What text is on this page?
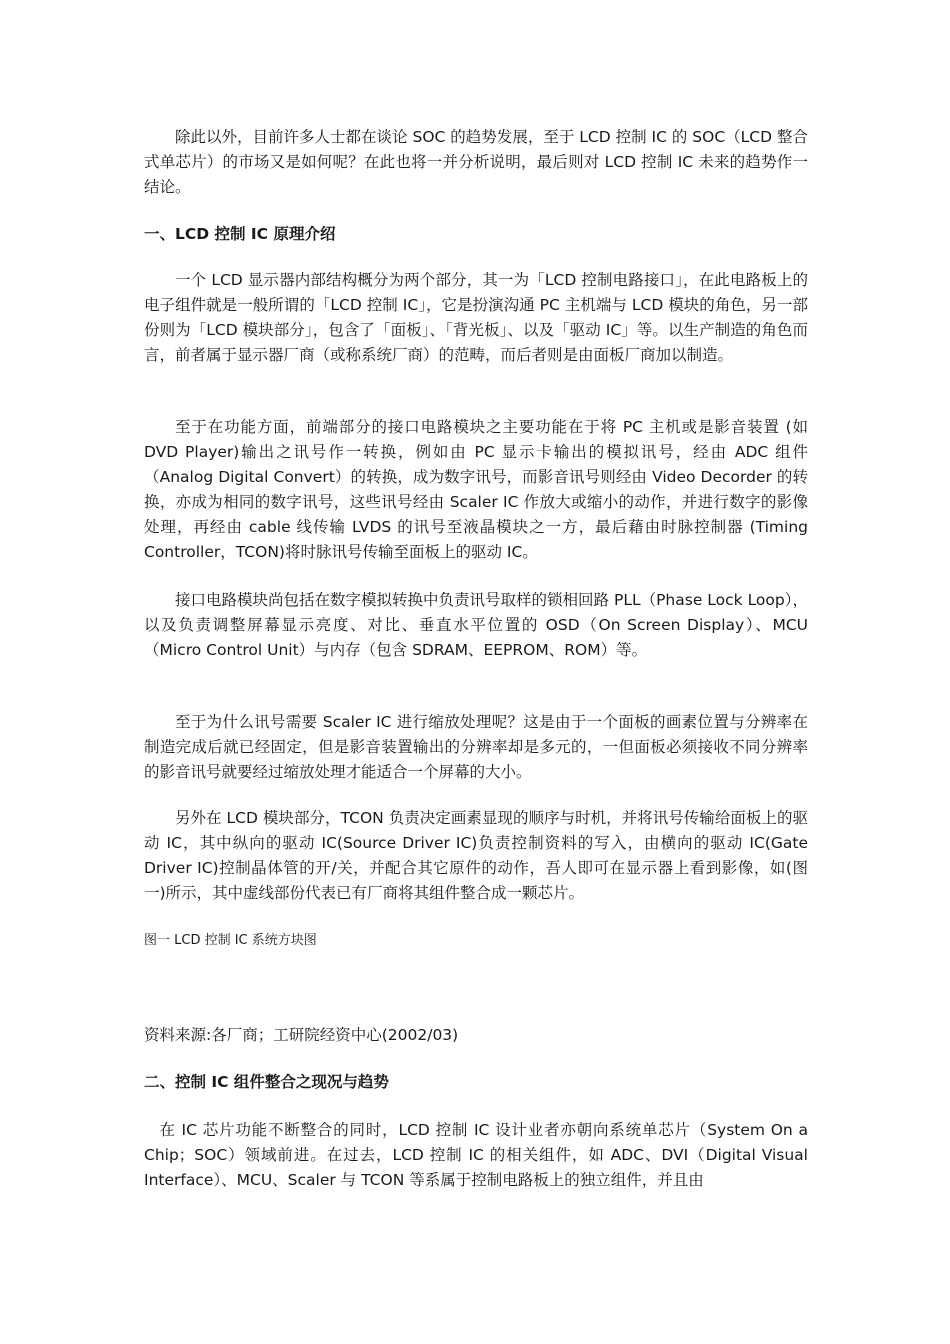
除此以外，目前许多人士都在谈论 SOC 的趋势发展，至于 LCD 控制 IC 的 SOC（LCD 整合式单芯片）的市场又是如何呢？在此也将一并分析说明，最后则对 LCD 控制 IC 未来的趋势作一结论。

一、LCD 控制 IC 原理介绍

一个 LCD 显示器内部结构概分为两个部分，其一为「LCD 控制电路接口」，在此电路板上的电子组件就是一般所谓的「LCD 控制 IC」，它是扮演沟通 PC 主机端与 LCD 模块的角色，另一部份则为「LCD 模块部分」，包含了「面板」、「背光板」、以及「驱动 IC」等。以生产制造的角色而言，前者属于显示器厂商（或称系统厂商）的范畴，而后者则是由面板厂商加以制造。

至于在功能方面，前端部分的接口电路模块之主要功能在于将 PC 主机或是影音装置 (如 DVD Player)输出之讯号作一转换，例如由 PC 显示卡输出的模拟讯号，经由 ADC 组件（Analog Digital Convert）的转换，成为数字讯号，而影音讯号则经由 Video Decorder 的转换，亦成为相同的数字讯号，这些讯号经由 Scaler IC 作放大或缩小的动作，并进行数字的影像处理，再经由 cable 线传输 LVDS 的讯号至液晶模块之一方，最后藉由时脉控制器 (Timing Controller，TCON)将时脉讯号传输至面板上的驱动 IC。

接口电路模块尚包括在数字模拟转换中负责讯号取样的锁相回路 PLL（Phase Lock Loop），以及负责调整屏幕显示亮度、对比、垂直水平位置的 OSD（On Screen Display）、MCU（Micro Control Unit）与内存（包含 SDRAM、EEPROM、ROM）等。

至于为什么讯号需要 Scaler IC 进行缩放处理呢？这是由于一个面板的画素位置与分辨率在制造完成后就已经固定，但是影音装置输出的分辨率却是多元的，一但面板必须接收不同分辨率的影音讯号就要经过缩放处理才能适合一个屏幕的大小。

另外在 LCD 模块部分，TCON 负责决定画素显现的顺序与时机，并将讯号传输给面板上的驱动 IC，其中纵向的驱动 IC(Source Driver IC)负责控制资料的写入，由横向的驱动 IC(Gate Driver IC)控制晶体管的开/关，并配合其它原件的动作，吾人即可在显示器上看到影像，如(图一)所示，其中虚线部份代表已有厂商将其组件整合成一颗芯片。

图一 LCD 控制 IC 系统方块图

资料来源:各厂商；工研院经资中心(2002/03)

二、控制 IC 组件整合之现况与趋势

在 IC 芯片功能不断整合的同时，LCD 控制 IC 设计业者亦朝向系统单芯片（System On a Chip；SOC）领域前进。在过去，LCD 控制 IC 的相关组件，如 ADC、DVI（Digital Visual Interface）、MCU、Scaler 与 TCON 等系属于控制电路板上的独立组件，并且由
